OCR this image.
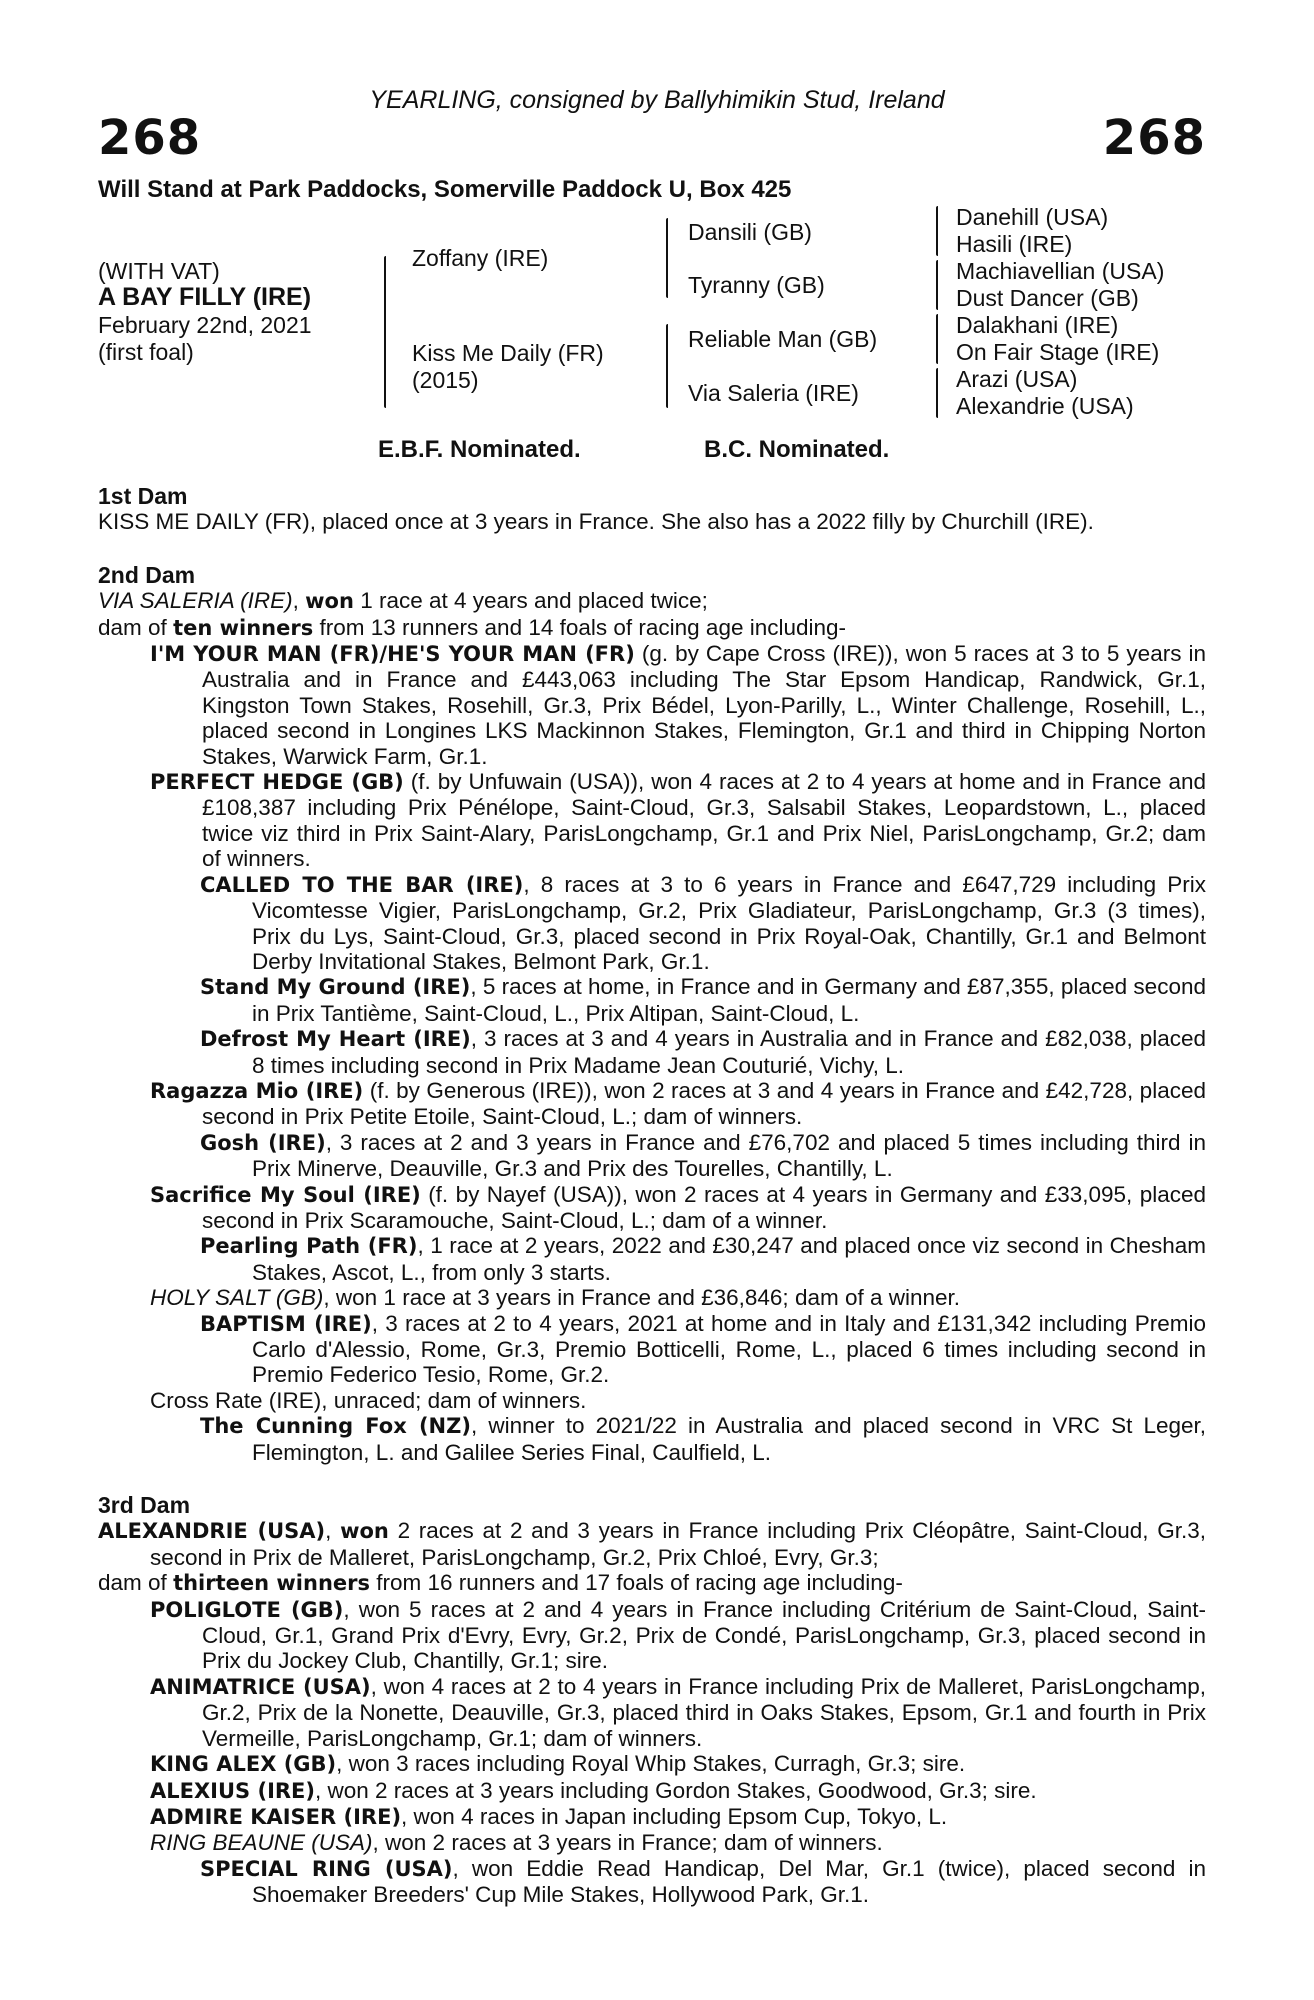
YEARLING, consigned by Ballyhimikin Stud, Ireland
268	268
Will Stand at Park Paddocks, Somerville Paddock U, Box 425
(WITH VAT)
A BAY FILLY (IRE)
February 22nd, 2021
(first foal)
Zoffany (IRE)
Kiss Me Daily (FR)
(2015)
Dansili (GB)
Tyranny (GB)
Reliable Man (GB)
Via Saleria (IRE)
Danehill (USA)
Hasili (IRE)
Machiavellian (USA)
Dust Dancer (GB)
Dalakhani (IRE)
On Fair Stage (IRE)
Arazi (USA)
Alexandrie (USA)
E.B.F. Nominated.	B.C. Nominated.
1st Dam
KISS ME DAILY (FR), placed once at 3 years in France. She also has a 2022 filly by Churchill (IRE).
2nd Dam
VIA SALERIA (IRE), won 1 race at 4 years and placed twice;
dam of ten winners from 13 runners and 14 foals of racing age including-
I'M YOUR MAN (FR)/HE'S YOUR MAN (FR) (g. by Cape Cross (IRE)), won 5 races at 3 to 5 years in Australia and in France and £443,063 including The Star Epsom Handicap, Randwick, Gr.1, Kingston Town Stakes, Rosehill, Gr.3, Prix Bédel, Lyon-Parilly, L., Winter Challenge, Rosehill, L., placed second in Longines LKS Mackinnon Stakes, Flemington, Gr.1 and third in Chipping Norton Stakes, Warwick Farm, Gr.1.
PERFECT HEDGE (GB) (f. by Unfuwain (USA)), won 4 races at 2 to 4 years at home and in France and £108,387 including Prix Pénélope, Saint-Cloud, Gr.3, Salsabil Stakes, Leopardstown, L., placed twice viz third in Prix Saint-Alary, ParisLongchamp, Gr.1 and Prix Niel, ParisLongchamp, Gr.2; dam of winners.
CALLED TO THE BAR (IRE), 8 races at 3 to 6 years in France and £647,729 including Prix Vicomtesse Vigier, ParisLongchamp, Gr.2, Prix Gladiateur, ParisLongchamp, Gr.3 (3 times), Prix du Lys, Saint-Cloud, Gr.3, placed second in Prix Royal-Oak, Chantilly, Gr.1 and Belmont Derby Invitational Stakes, Belmont Park, Gr.1.
Stand My Ground (IRE), 5 races at home, in France and in Germany and £87,355, placed second in Prix Tantième, Saint-Cloud, L., Prix Altipan, Saint-Cloud, L.
Defrost My Heart (IRE), 3 races at 3 and 4 years in Australia and in France and £82,038, placed 8 times including second in Prix Madame Jean Couturié, Vichy, L.
Ragazza Mio (IRE) (f. by Generous (IRE)), won 2 races at 3 and 4 years in France and £42,728, placed second in Prix Petite Etoile, Saint-Cloud, L.; dam of winners.
Gosh (IRE), 3 races at 2 and 3 years in France and £76,702 and placed 5 times including third in Prix Minerve, Deauville, Gr.3 and Prix des Tourelles, Chantilly, L.
Sacrifice My Soul (IRE) (f. by Nayef (USA)), won 2 races at 4 years in Germany and £33,095, placed second in Prix Scaramouche, Saint-Cloud, L.; dam of a winner.
Pearling Path (FR), 1 race at 2 years, 2022 and £30,247 and placed once viz second in Chesham Stakes, Ascot, L., from only 3 starts.
HOLY SALT (GB), won 1 race at 3 years in France and £36,846; dam of a winner.
BAPTISM (IRE), 3 races at 2 to 4 years, 2021 at home and in Italy and £131,342 including Premio Carlo d'Alessio, Rome, Gr.3, Premio Botticelli, Rome, L., placed 6 times including second in Premio Federico Tesio, Rome, Gr.2.
Cross Rate (IRE), unraced; dam of winners.
The Cunning Fox (NZ), winner to 2021/22 in Australia and placed second in VRC St Leger, Flemington, L. and Galilee Series Final, Caulfield, L.
3rd Dam
ALEXANDRIE (USA), won 2 races at 2 and 3 years in France including Prix Cléopâtre, Saint-Cloud, Gr.3, second in Prix de Malleret, ParisLongchamp, Gr.2, Prix Chloé, Evry, Gr.3;
dam of thirteen winners from 16 runners and 17 foals of racing age including-
POLIGLOTE (GB), won 5 races at 2 and 4 years in France including Critérium de Saint-Cloud, Saint-Cloud, Gr.1, Grand Prix d'Evry, Evry, Gr.2, Prix de Condé, ParisLongchamp, Gr.3, placed second in Prix du Jockey Club, Chantilly, Gr.1; sire.
ANIMATRICE (USA), won 4 races at 2 to 4 years in France including Prix de Malleret, ParisLongchamp, Gr.2, Prix de la Nonette, Deauville, Gr.3, placed third in Oaks Stakes, Epsom, Gr.1 and fourth in Prix Vermeille, ParisLongchamp, Gr.1; dam of winners.
KING ALEX (GB), won 3 races including Royal Whip Stakes, Curragh, Gr.3; sire.
ALEXIUS (IRE), won 2 races at 3 years including Gordon Stakes, Goodwood, Gr.3; sire.
ADMIRE KAISER (IRE), won 4 races in Japan including Epsom Cup, Tokyo, L.
RING BEAUNE (USA), won 2 races at 3 years in France; dam of winners.
SPECIAL RING (USA), won Eddie Read Handicap, Del Mar, Gr.1 (twice), placed second in Shoemaker Breeders' Cup Mile Stakes, Hollywood Park, Gr.1.
